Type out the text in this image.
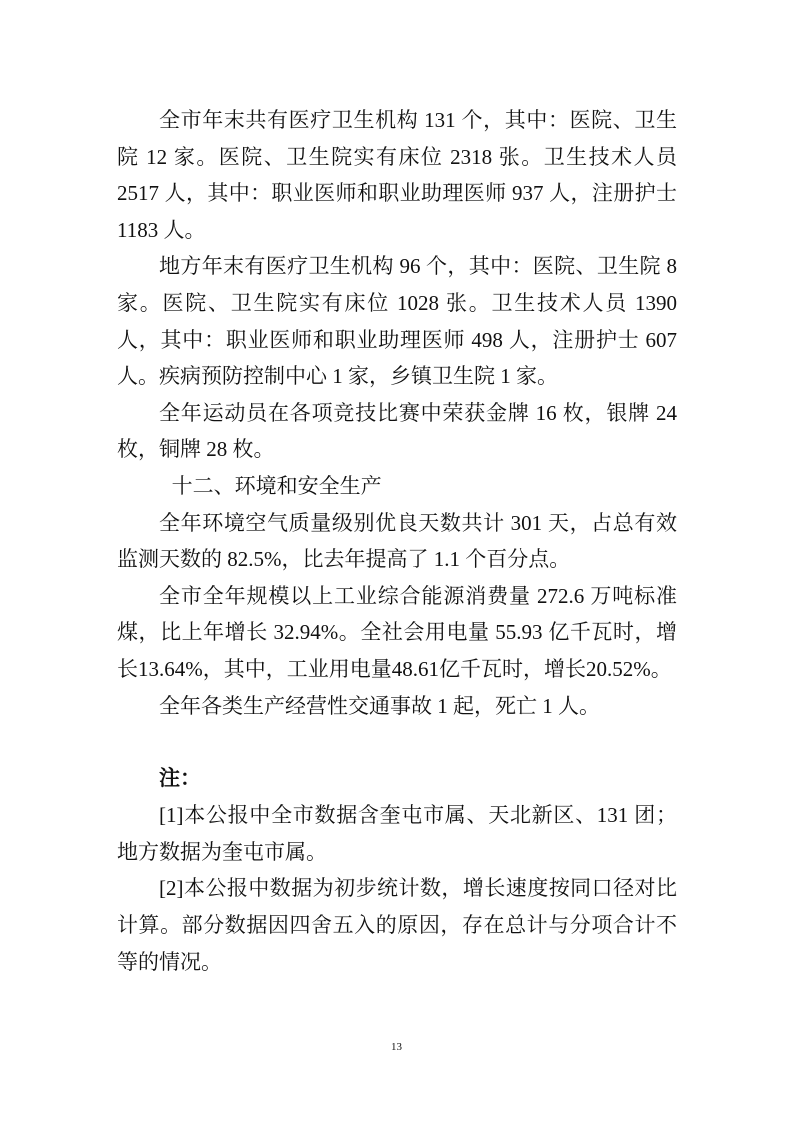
全市年末共有医疗卫生机构 131 个，其中：医院、卫生院 12 家。医院、卫生院实有床位 2318 张。卫生技术人员 2517 人，其中：职业医师和职业助理医师 937 人，注册护士 1183 人。

地方年末有医疗卫生机构 96 个，其中：医院、卫生院 8 家。医院、卫生院实有床位 1028 张。卫生技术人员 1390 人，其中：职业医师和职业助理医师 498 人，注册护士 607 人。疾病预防控制中心 1 家，乡镇卫生院 1 家。

全年运动员在各项竞技比赛中荣获金牌 16 枚，银牌 24 枚，铜牌 28 枚。

十二、环境和安全生产

全年环境空气质量级别优良天数共计 301 天，占总有效监测天数的 82.5%，比去年提高了 1.1 个百分点。

全市全年规模以上工业综合能源消费量 272.6 万吨标准煤，比上年增长 32.94%。全社会用电量 55.93 亿千瓦时，增长13.64%，其中，工业用电量48.61亿千瓦时，增长20.52%。

全年各类生产经营性交通事故 1 起，死亡 1 人。

注：

[1]本公报中全市数据含奎屯市属、天北新区、131 团；地方数据为奎屯市属。

[2]本公报中数据为初步统计数，增长速度按同口径对比计算。部分数据因四舍五入的原因，存在总计与分项合计不等的情况。

13
